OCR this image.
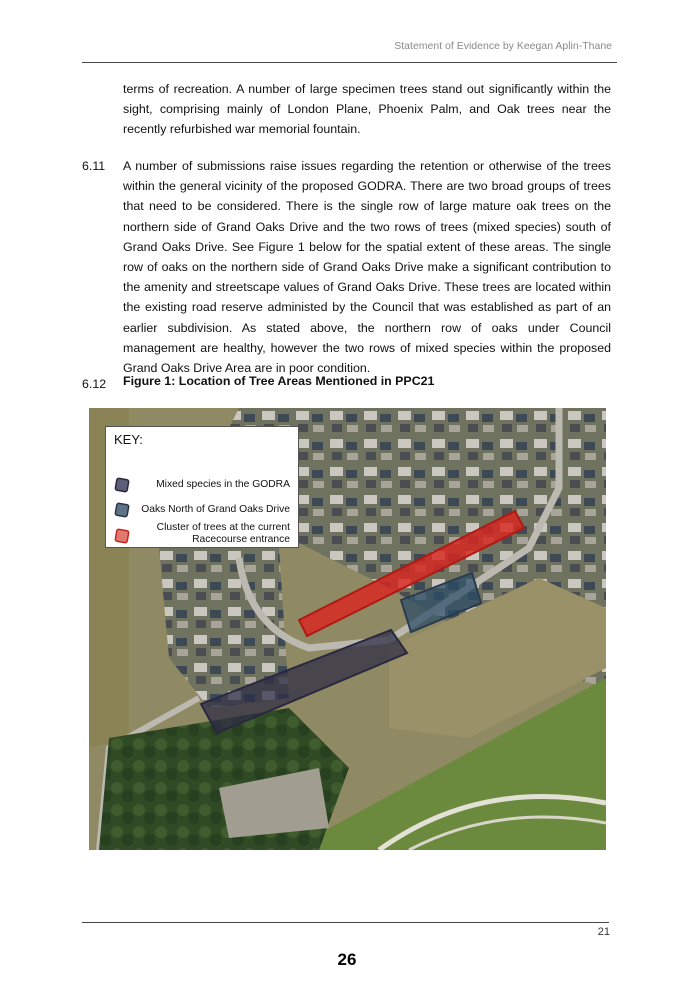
Statement of Evidence by Keegan Aplin-Thane
terms of recreation. A number of large specimen trees stand out significantly within the sight, comprising mainly of London Plane, Phoenix Palm, and Oak trees near the recently refurbished war memorial fountain.
6.11 A number of submissions raise issues regarding the retention or otherwise of the trees within the general vicinity of the proposed GODRA. There are two broad groups of trees that need to be considered. There is the single row of large mature oak trees on the northern side of Grand Oaks Drive and the two rows of trees (mixed species) south of Grand Oaks Drive. See Figure 1 below for the spatial extent of these areas. The single row of oaks on the northern side of Grand Oaks Drive make a significant contribution to the amenity and streetscape values of Grand Oaks Drive. These trees are located within the existing road reserve administed by the Council that was established as part of an earlier subdivision. As stated above, the northern row of oaks under Council management are healthy, however the two rows of mixed species within the proposed Grand Oaks Drive Area are in poor condition.
6.12 Figure 1: Location of Tree Areas Mentioned in PPC21
KEY:
Mixed species in the GODRA
Oaks North of Grand Oaks Drive
Cluster of trees at the current Racecourse entrance
21
26
